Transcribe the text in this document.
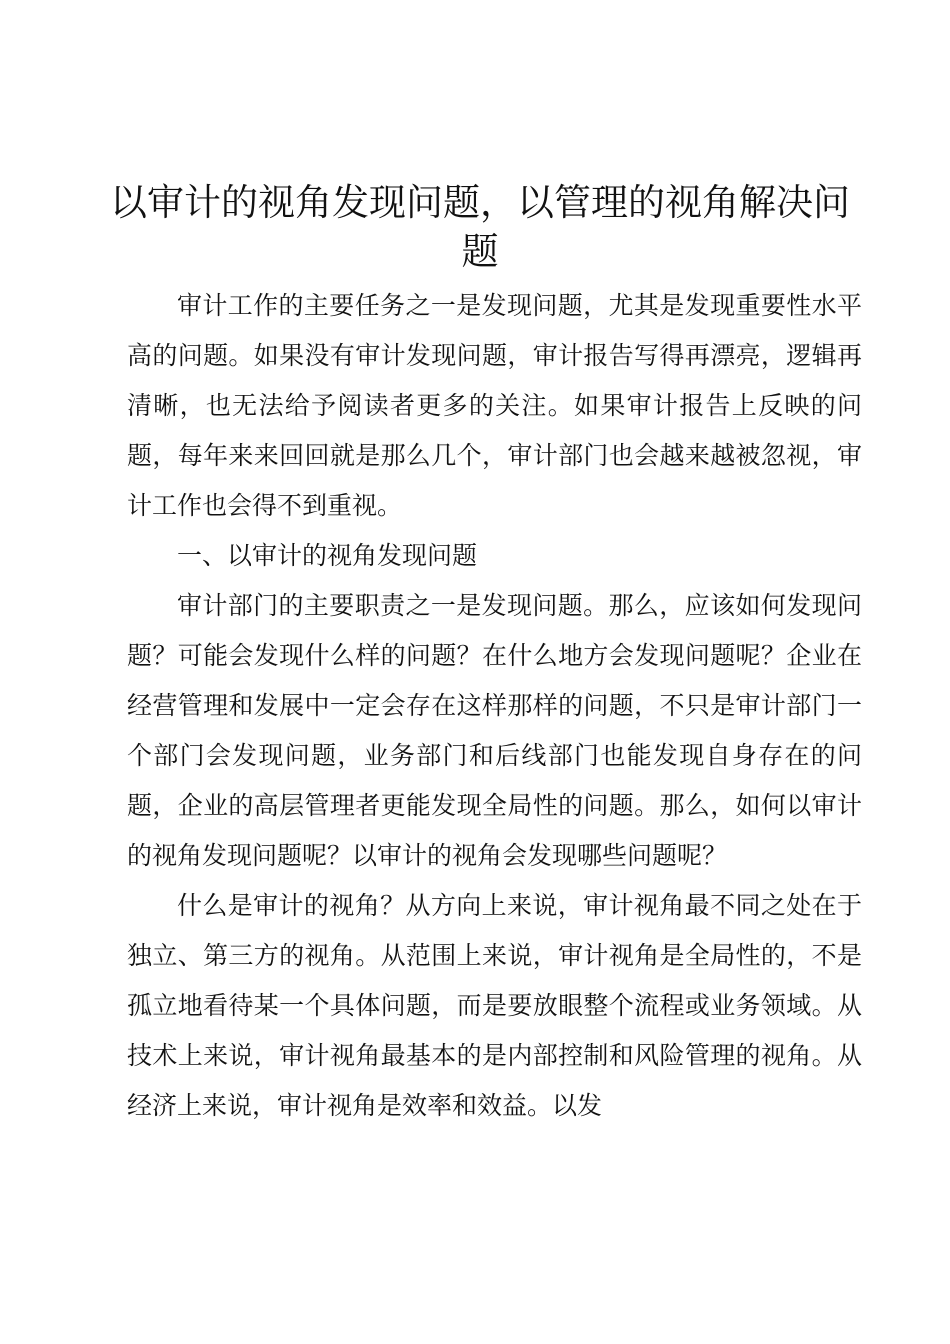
以审计的视角发现问题，以管理的视角解决问题

审计工作的主要任务之一是发现问题，尤其是发现重要性水平高的问题。如果没有审计发现问题，审计报告写得再漂亮，逻辑再清晰，也无法给予阅读者更多的关注。如果审计报告上反映的问题，每年来来回回就是那么几个，审计部门也会越来越被忽视，审计工作也会得不到重视。

一、以审计的视角发现问题

审计部门的主要职责之一是发现问题。那么，应该如何发现问题？可能会发现什么样的问题？在什么地方会发现问题呢？企业在经营管理和发展中一定会存在这样那样的问题，不只是审计部门一个部门会发现问题，业务部门和后线部门也能发现自身存在的问题，企业的高层管理者更能发现全局性的问题。那么，如何以审计的视角发现问题呢？以审计的视角会发现哪些问题呢？

什么是审计的视角？从方向上来说，审计视角最不同之处在于独立、第三方的视角。从范围上来说，审计视角是全局性的，不是孤立地看待某一个具体问题，而是要放眼整个流程或业务领域。从技术上来说，审计视角最基本的是内部控制和风险管理的视角。从经济上来说，审计视角是效率和效益。以发
